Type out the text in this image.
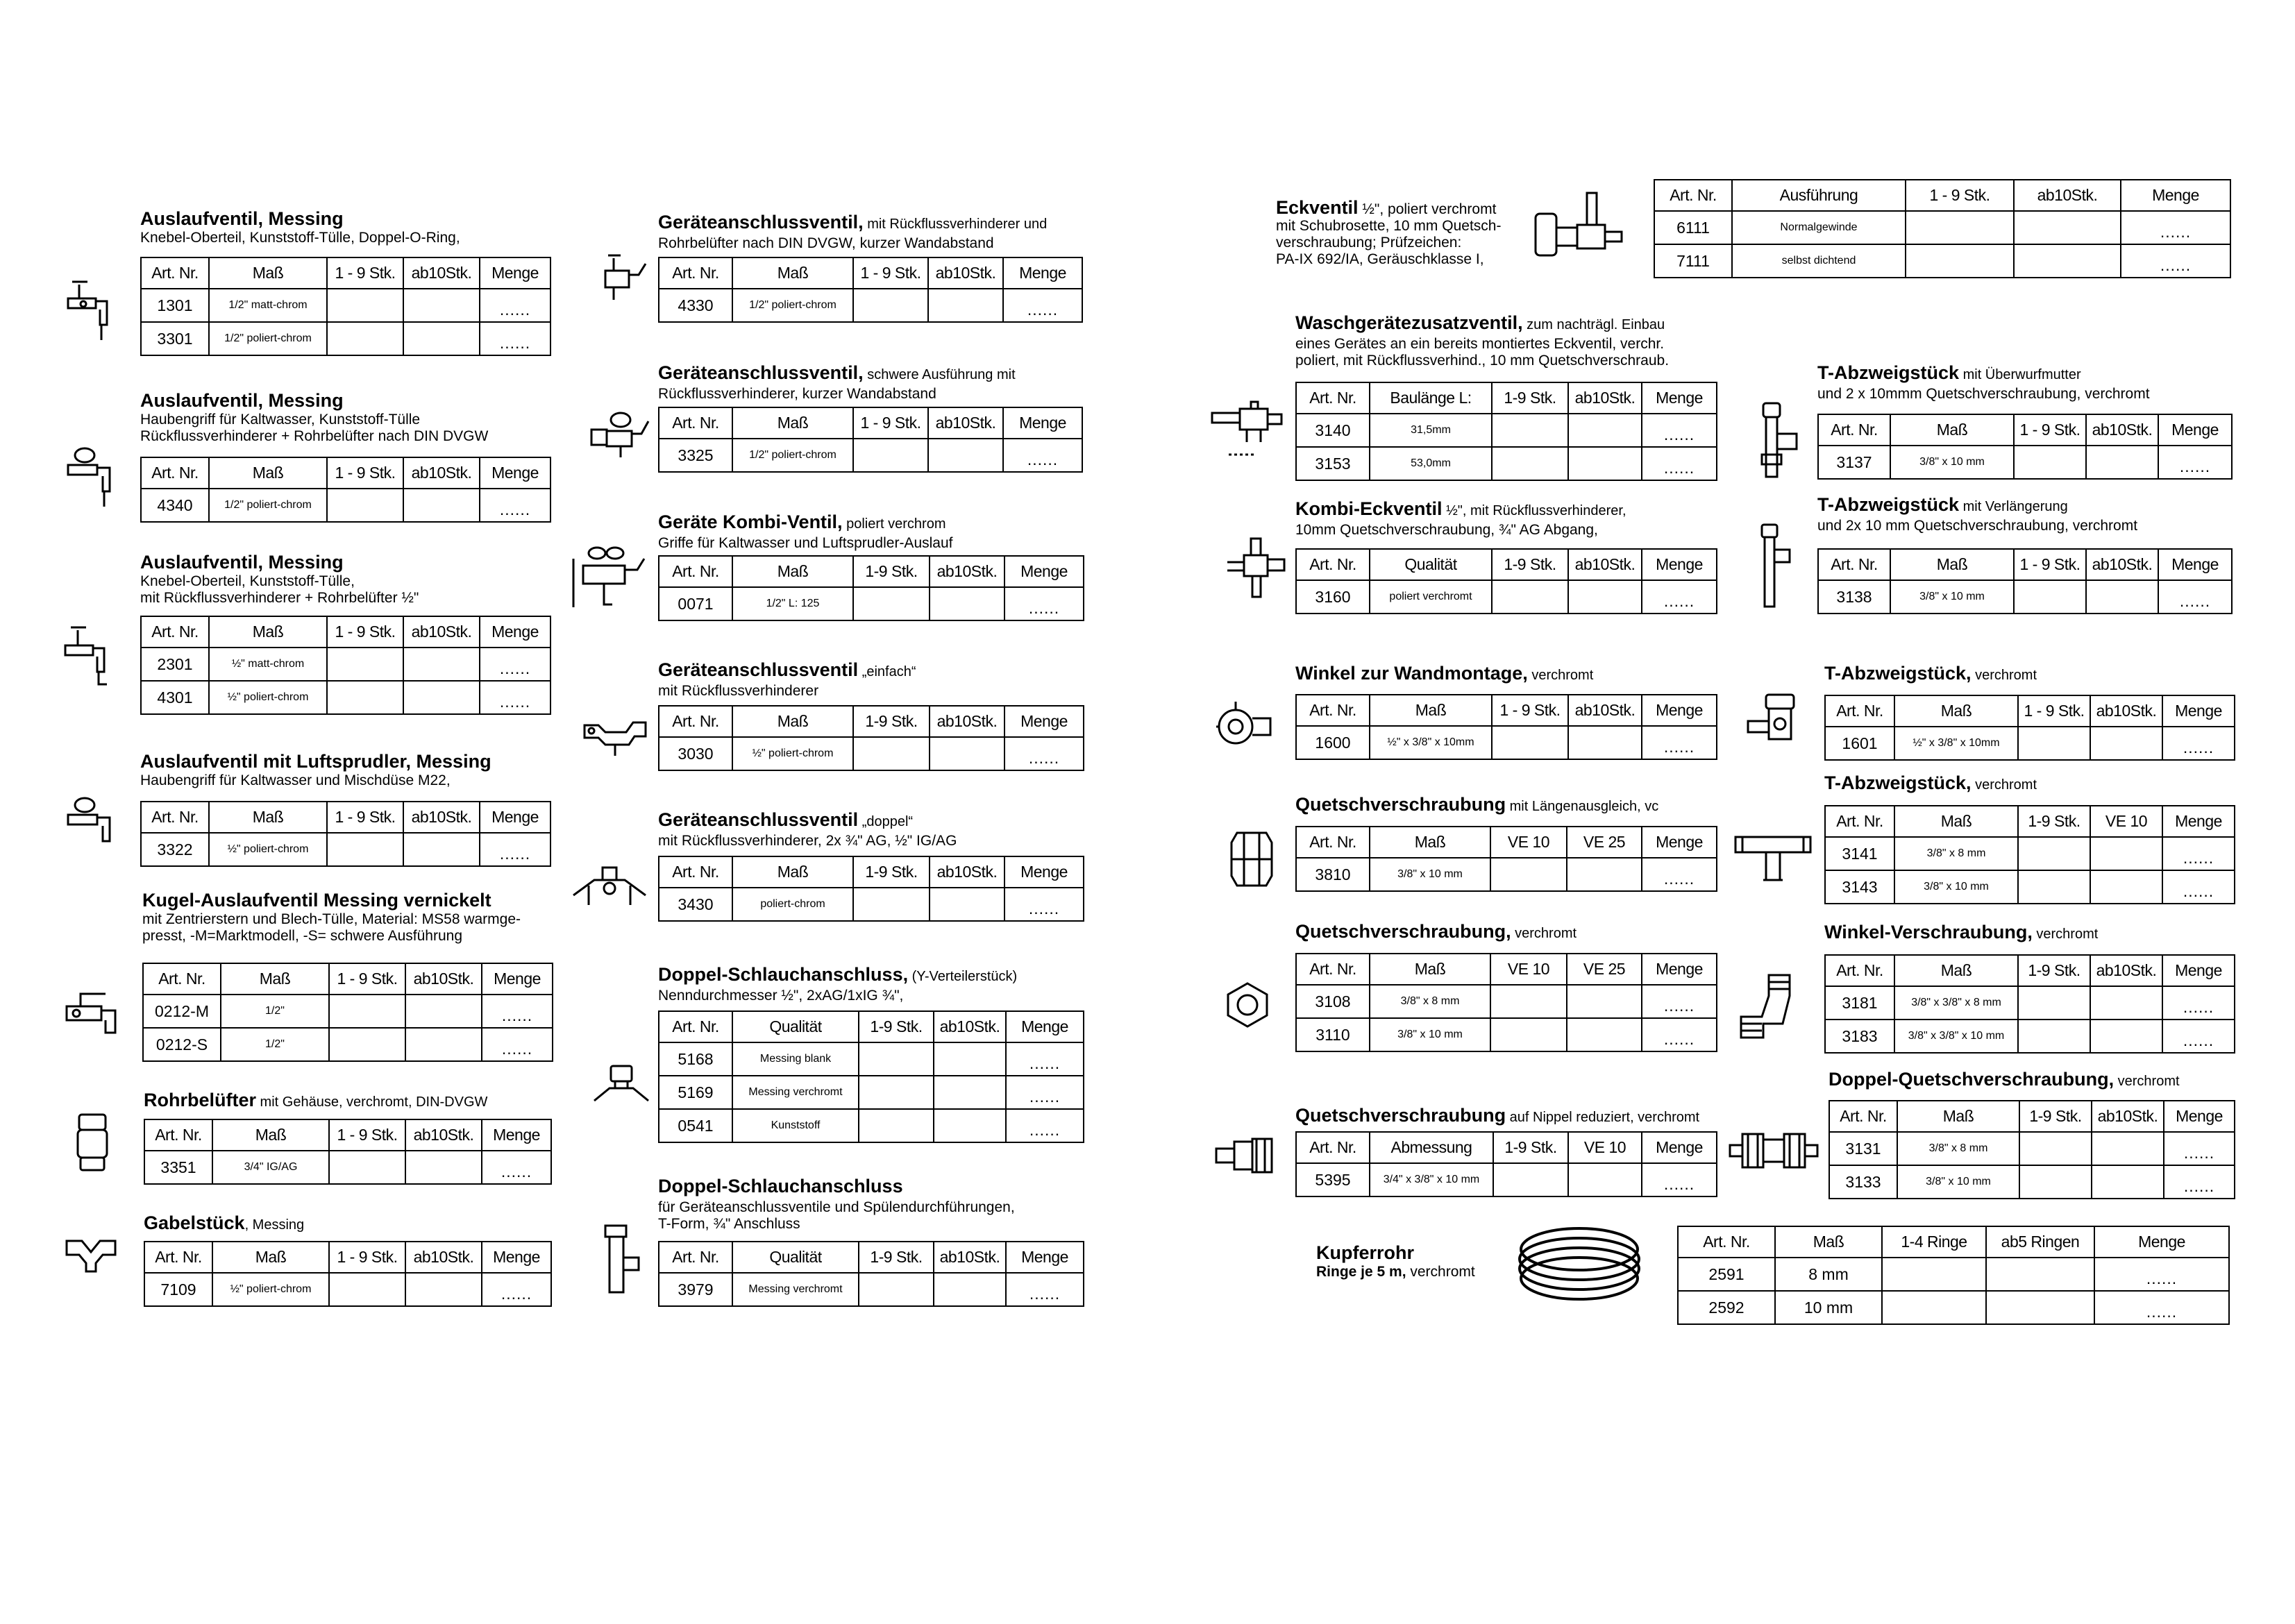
Auslaufventil, Messing
Knebel-Oberteil, Kunststoff-Tülle, Doppel-O-Ring,
Art. Nr.	Maß	1 - 9 Stk.	ab10Stk.	Menge
1301	1/2" matt-chrom			......
3301	1/2" poliert-chrom			......
Auslaufventil, Messing
Haubengriff für Kaltwasser, Kunststoff-Tülle
Rückflussverhinderer + Rohrbelüfter nach DIN DVGW
Art. Nr.	Maß	1 - 9 Stk.	ab10Stk.	Menge
4340	1/2" poliert-chrom			......
Auslaufventil, Messing
Knebel-Oberteil, Kunststoff-Tülle,
mit Rückflussverhinderer + Rohrbelüfter ½"
Art. Nr.	Maß	1 - 9 Stk.	ab10Stk.	Menge
2301	½" matt-chrom			......
4301	½" poliert-chrom			......
Auslaufventil mit Luftsprudler, Messing
Haubengriff für Kaltwasser und Mischdüse M22,
Art. Nr.	Maß	1 - 9 Stk.	ab10Stk.	Menge
3322	½" poliert-chrom			......
Kugel-Auslaufventil Messing vernickelt
mit Zentrierstern und Blech-Tülle, Material: MS58 warmge-
presst, -M=Marktmodell, -S= schwere Ausführung
Art. Nr.	Maß	1 - 9 Stk.	ab10Stk.	Menge
0212-M	1/2"			......
0212-S	1/2"			......
Rohrbelüfter mit Gehäuse, verchromt, DIN-DVGW
Art. Nr.	Maß	1 - 9 Stk.	ab10Stk.	Menge
3351	3/4" IG/AG			......
Gabelstück, Messing
Art. Nr.	Maß	1 - 9 Stk.	ab10Stk.	Menge
7109	½" poliert-chrom			......
Geräteanschlussventil, mit Rückflussverhinderer und
Rohrbelüfter nach DIN DVGW, kurzer Wandabstand
Art. Nr.	Maß	1 - 9 Stk.	ab10Stk.	Menge
4330	1/2" poliert-chrom			......
Geräteanschlussventil, schwere Ausführung mit
Rückflussverhinderer, kurzer Wandabstand
Art. Nr.	Maß	1 - 9 Stk.	ab10Stk.	Menge
3325	1/2" poliert-chrom			......
Geräte Kombi-Ventil, poliert verchrom
Griffe für Kaltwasser und Luftsprudler-Auslauf
Art. Nr.	Maß	1-9 Stk.	ab10Stk.	Menge
0071	1/2" L: 125			......
Geräteanschlussventil „einfach“
mit Rückflussverhinderer
Art. Nr.	Maß	1-9 Stk.	ab10Stk.	Menge
3030	½" poliert-chrom			......
Geräteanschlussventil „doppel“
mit Rückflussverhinderer, 2x ¾" AG, ½" IG/AG
Art. Nr.	Maß	1-9 Stk.	ab10Stk.	Menge
3430	poliert-chrom			......
Doppel-Schlauchanschluss, (Y-Verteilerstück)
Nenndurchmesser ½", 2xAG/1xIG ¾",
Art. Nr.	Qualität	1-9 Stk.	ab10Stk.	Menge
5168	Messing blank			......
5169	Messing verchromt			......
0541	Kunststoff			......
Doppel-Schlauchanschluss
für Geräteanschlussventile und Spülendurchführungen,
T-Form, ¾" Anschluss
Art. Nr.	Qualität	1-9 Stk.	ab10Stk.	Menge
3979	Messing verchromt			......

Eckventil ½", poliert verchromt

mit Schubrosette, 10 mm Quetsch-
verschraubung; Prüfzeichen:
PA-IX 692/IA, Geräuschklasse I,

Art. Nr.	Ausführung	1 - 9 Stk.	ab10Stk.	Menge
6111	Normalgewinde			......
7111	selbst dichtend			......
Waschgerätezusatzventil, zum nachträgl. Einbau
eines Gerätes an ein bereits montiertes Eckventil, verchr.
poliert, mit Rückflussverhind., 10 mm Quetschverschraub.
Art. Nr.	Baulänge L:	1-9 Stk.	ab10Stk.	Menge
3140	31,5mm			......
3153	53,0mm			......
Kombi-Eckventil ½", mit Rückflussverhinderer,
10mm Quetschverschraubung, ¾" AG Abgang,
Art. Nr.	Qualität	1-9 Stk.	ab10Stk.	Menge
3160	poliert verchromt			......
Winkel zur Wandmontage, verchromt
Art. Nr.	Maß	1 - 9 Stk.	ab10Stk.	Menge
1600	½" x 3/8" x 10mm			......
Quetschverschraubung mit Längenausgleich, vc
Art. Nr.	Maß	VE 10	VE 25	Menge
3810	3/8" x 10 mm			......
Quetschverschraubung, verchromt
Art. Nr.	Maß	VE 10	VE 25	Menge
3108	3/8" x 8 mm			......
3110	3/8" x 10 mm			......
Quetschverschraubung auf Nippel reduziert, verchromt
Art. Nr.	Abmessung	1-9 Stk.	VE 10	Menge
5395	3/4" x 3/8" x 10 mm			......
T-Abzweigstück mit Überwurfmutter
und 2 x 10mmm Quetschverschraubung, verchromt
Art. Nr.	Maß	1 - 9 Stk.	ab10Stk.	Menge
3137	3/8" x 10 mm			......
T-Abzweigstück mit Verlängerung
und 2x 10 mm Quetschverschraubung, verchromt
Art. Nr.	Maß	1 - 9 Stk.	ab10Stk.	Menge
3138	3/8" x 10 mm			......
T-Abzweigstück, verchromt
Art. Nr.	Maß	1 - 9 Stk.	ab10Stk.	Menge
1601	½" x 3/8" x 10mm			......
T-Abzweigstück, verchromt
Art. Nr.	Maß	1-9 Stk.	VE 10	Menge
3141	3/8" x 8 mm			......
3143	3/8" x 10 mm			......
Winkel-Verschraubung, verchromt
Art. Nr.	Maß	1-9 Stk.	ab10Stk.	Menge
3181	3/8" x 3/8" x 8 mm			......
3183	3/8" x 3/8" x 10 mm			......
Doppel-Quetschverschraubung, verchromt
Art. Nr.	Maß	1-9 Stk.	ab10Stk.	Menge
3131	3/8" x 8 mm			......
3133	3/8" x 10 mm			......
Kupferrohr
Ringe je 5 m, verchromt
Art. Nr.	Maß	1-4 Ringe	ab5 Ringen	Menge
2591	8 mm			......
2592	10 mm			......
